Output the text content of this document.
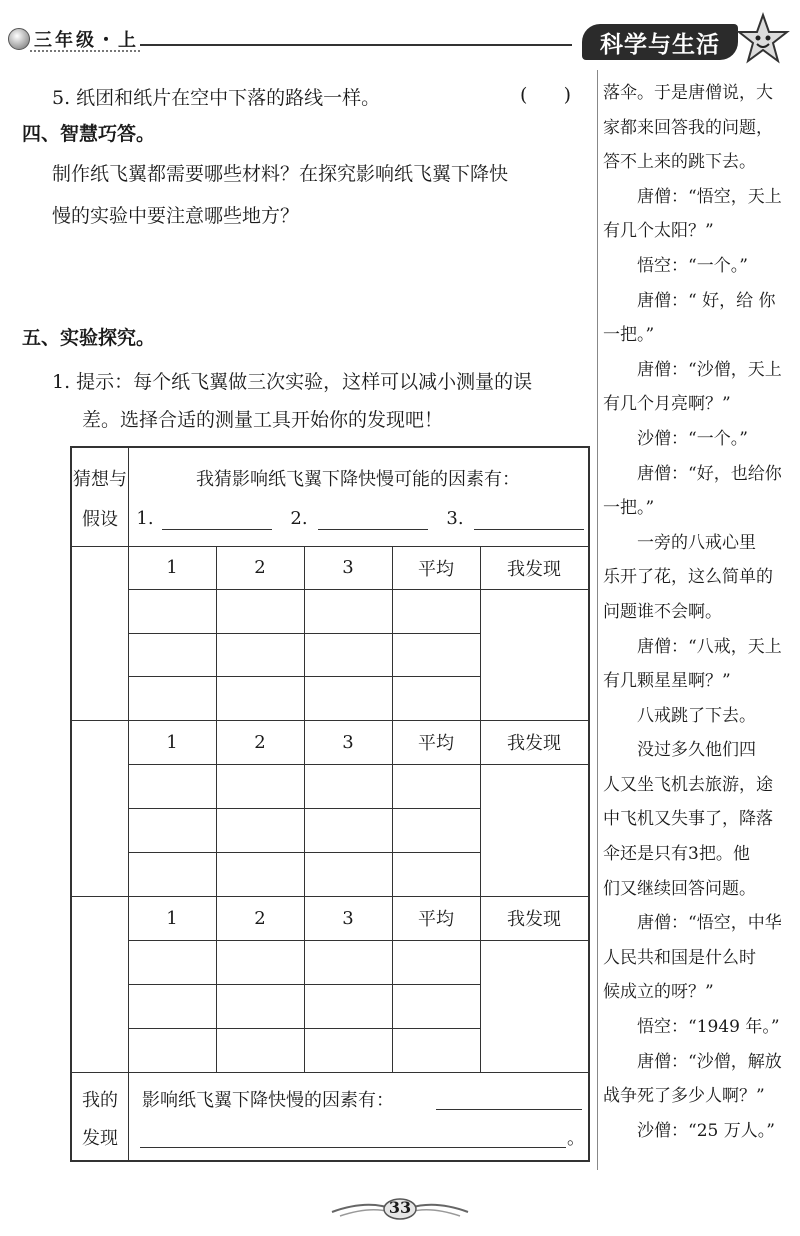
三年级・上	科学与生活
5. 纸团和纸片在空中下落的路线一样。	(      )
四、智慧巧答。
制作纸飞翼都需要哪些材料？在探究影响纸飞翼下降快
慢的实验中要注意哪些地方？
五、实验探究。
1. 提示：每个纸飞翼做三次实验，这样可以减小测量的误
差。选择合适的测量工具开始你的发现吧！
猜想与
假设
我猜影响纸飞翼下降快慢可能的因素有：
1.	2.	3.
1	2	3	平均	我发现
1	2	3	平均	我发现
1	2	3	平均	我发现
我的
发现
影响纸飞翼下降快慢的因素有：
。

落伞。于是唐僧说，大

家都来回答我的问题，

答不上来的跳下去。

唐僧：“悟空，天上

有几个太阳？”

悟空：“一个。”

唐僧：“ 好，给 你

一把。”

唐僧：“沙僧，天上

有几个月亮啊？”

沙僧：“一个。”

唐僧：“好，也给你

一把。”

一旁的八戒心里

乐开了花，这么简单的

问题谁不会啊。

唐僧：“八戒，天上

有几颗星星啊？”

八戒跳了下去。

没过多久他们四

人又坐飞机去旅游，途

中飞机又失事了，降落

伞还是只有3把。他

们又继续回答问题。

唐僧：“悟空，中华

人民共和国是什么时

候成立的呀？”

悟空：“1949 年。”

唐僧：“沙僧，解放

战争死了多少人啊？”

沙僧：“25 万人。”

33
